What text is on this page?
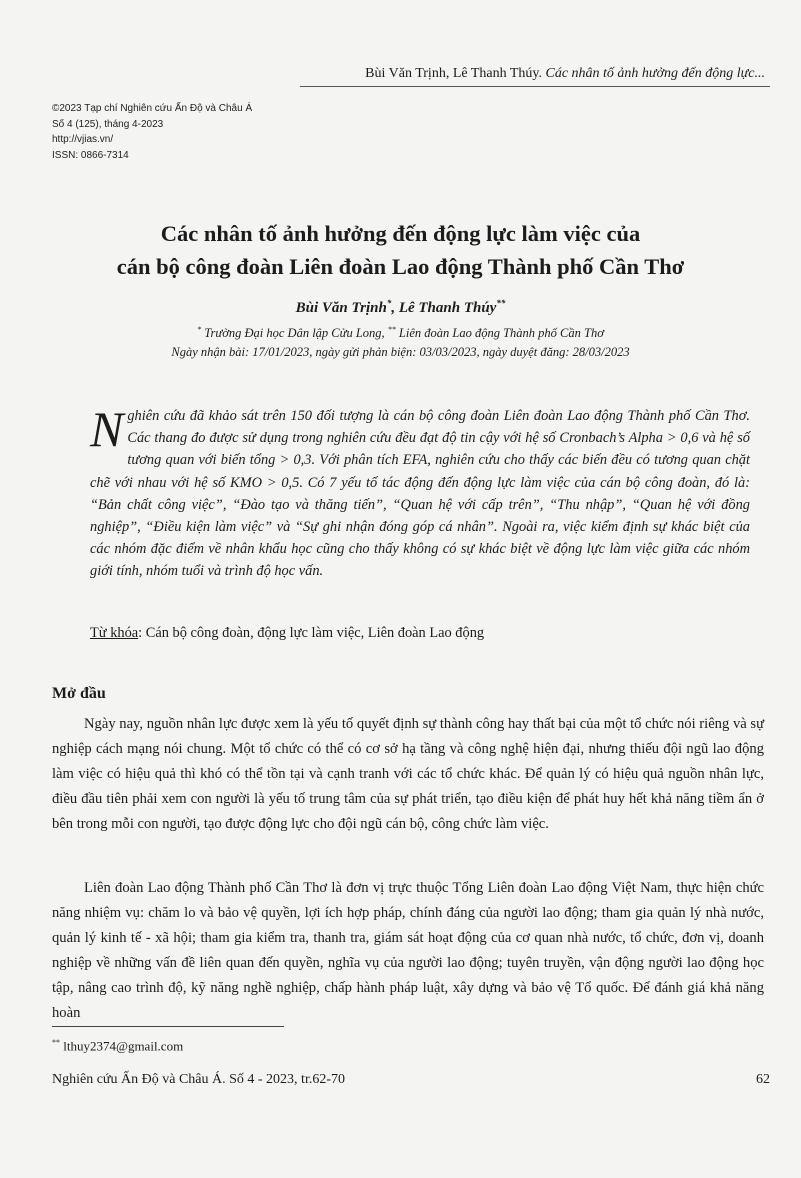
Bùi Văn Trịnh, Lê Thanh Thúy. Các nhân tố ảnh hưởng đến động lực...
©2023 Tạp chí Nghiên cứu Ấn Độ và Châu Á
Số 4 (125), tháng 4-2023
http://vjias.vn/
ISSN: 0866-7314
Các nhân tố ảnh hưởng đến động lực làm việc của
cán bộ công đoàn Liên đoàn Lao động Thành phố Cần Thơ
Bùi Văn Trịnh*, Lê Thanh Thúy**
* Trường Đại học Dân lập Cửu Long, ** Liên đoàn Lao động Thành phố Cần Thơ
Ngày nhận bài: 17/01/2023, ngày gửi phản biện: 03/03/2023, ngày duyệt đăng: 28/03/2023
Nghiên cứu đã khảo sát trên 150 đối tượng là cán bộ công đoàn Liên đoàn Lao động Thành phố Cần Thơ. Các thang đo được sử dụng trong nghiên cứu đều đạt độ tin cậy với hệ số Cronbach’s Alpha > 0,6 và hệ số tương quan với biến tổng > 0,3. Với phân tích EFA, nghiên cứu cho thấy các biến đều có tương quan chặt chẽ với nhau với hệ số KMO > 0,5. Có 7 yếu tố tác động đến động lực làm việc của cán bộ công đoàn, đó là: “Bản chất công việc”, “Đào tạo và thăng tiến”, “Quan hệ với cấp trên”, “Thu nhập”, “Quan hệ với đồng nghiệp”, “Điều kiện làm việc” và “Sự ghi nhận đóng góp cá nhân”. Ngoài ra, việc kiểm định sự khác biệt của các nhóm đặc điểm về nhân khẩu học cũng cho thấy không có sự khác biệt về động lực làm việc giữa các nhóm giới tính, nhóm tuổi và trình độ học vấn.
Từ khóa: Cán bộ công đoàn, động lực làm việc, Liên đoàn Lao động
Mở đầu
Ngày nay, nguồn nhân lực được xem là yếu tố quyết định sự thành công hay thất bại của một tổ chức nói riêng và sự nghiệp cách mạng nói chung. Một tổ chức có thể có cơ sở hạ tầng và công nghệ hiện đại, nhưng thiếu đội ngũ lao động làm việc có hiệu quả thì khó có thể tồn tại và cạnh tranh với các tổ chức khác. Để quản lý có hiệu quả nguồn nhân lực, điều đầu tiên phải xem con người là yếu tố trung tâm của sự phát triển, tạo điều kiện để phát huy hết khả năng tiềm ẩn ở bên trong mỗi con người, tạo được động lực cho đội ngũ cán bộ, công chức làm việc.
Liên đoàn Lao động Thành phố Cần Thơ là đơn vị trực thuộc Tổng Liên đoàn Lao động Việt Nam, thực hiện chức năng nhiệm vụ: chăm lo và bảo vệ quyền, lợi ích hợp pháp, chính đáng của người lao động; tham gia quản lý nhà nước, quản lý kinh tế - xã hội; tham gia kiểm tra, thanh tra, giám sát hoạt động của cơ quan nhà nước, tổ chức, đơn vị, doanh nghiệp về những vấn đề liên quan đến quyền, nghĩa vụ của người lao động; tuyên truyền, vận động người lao động học tập, nâng cao trình độ, kỹ năng nghề nghiệp, chấp hành pháp luật, xây dựng và bảo vệ Tổ quốc. Để đánh giá khả năng hoàn
** lthuy2374@gmail.com
Nghiên cứu Ấn Độ và Châu Á. Số 4 - 2023, tr.62-70	62
